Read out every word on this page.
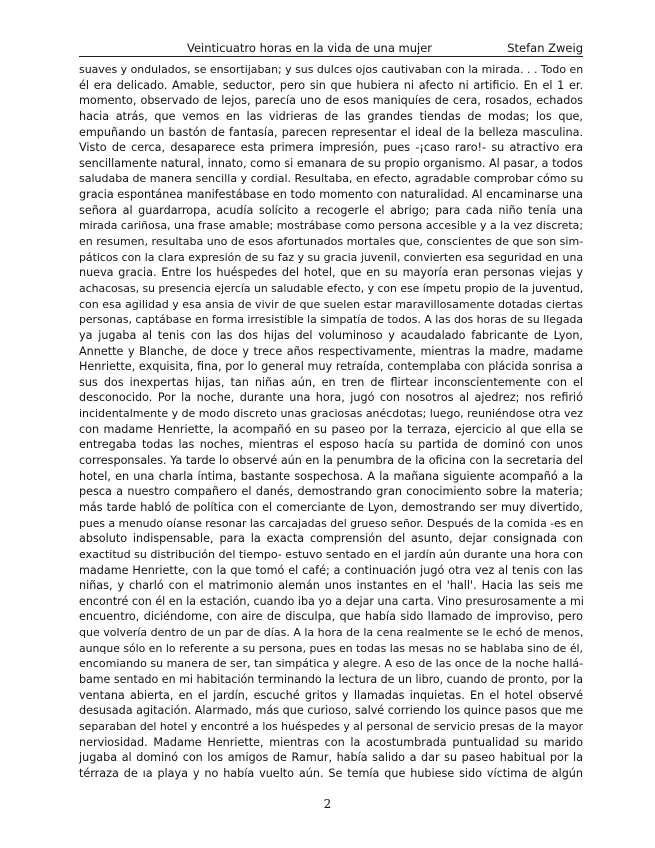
Veinticuatro horas en la vida de una mujer	Stefan Zweig
suaves y ondulados, se ensortijaban; y sus dulces ojos cautivaban con la mirada. . . Todo en
él era delicado. Amable, seductor, pero sin que hubiera ni afecto ni artificio. En el 1 er.
momento, observado de lejos, parecía uno de esos maniquíes de cera, rosados, echados
hacia atrás, que vemos en las vidrieras de las grandes tiendas de modas; los que,
empuñando un bastón de fantasía, parecen representar el ideal de la belleza masculina.
Visto de cerca, desaparece esta primera impresión, pues -¡caso raro!- su atractivo era
sencillamente natural, innato, como si emanara de su propio organismo. Al pasar, a todos
saludaba de manera sencilla y cordial. Resultaba, en efecto, agradable comprobar cómo su
gracia espontánea manifestábase en todo momento con naturalidad. Al encaminarse una
señora al guardarropa, acudía solícito a recogerle el abrigo; para cada niño tenía una
mirada cariñosa, una frase amable; mostrábase como persona accesible y a la vez discreta;
en resumen, resultaba uno de esos afortunados mortales que, conscientes de que son sim-
páticos con la clara expresión de su faz y su gracia juvenil, convierten esa seguridad en una
nueva gracia. Entre los huéspedes del hotel, que en su mayoría eran personas viejas y
achacosas, su presencia ejercía un saludable efecto, y con ese ímpetu propio de la juventud,
con esa agilidad y esa ansia de vivir de que suelen estar maravillosamente dotadas ciertas
personas, captábase en forma irresistible la simpatía de todos. A las dos horas de su llegada
ya jugaba al tenis con las dos hijas del voluminoso y acaudalado fabricante de Lyon,
Annette y Blanche, de doce y trece años respectivamente, mientras la madre, madame
Henriette, exquisita, fina, por lo general muy retraída, contemplaba con plácida sonrisa a
sus dos inexpertas hijas, tan niñas aún, en tren de flirtear inconscientemente con el
desconocido. Por la noche, durante una hora, jugó con nosotros al ajedrez; nos refirió
incidentalmente y de modo discreto unas graciosas anécdotas; luego, reuniéndose otra vez
con madame Henriette, la acompañó en su paseo por la terraza, ejercicio al que ella se
entregaba todas las noches, mientras el esposo hacía su partida de dominó con unos
corresponsales. Ya tarde lo observé aún en la penumbra de la oficina con la secretaria del
hotel, en una charla íntima, bastante sospechosa. A la mañana siguiente acompañó a la
pesca a nuestro compañero el danés, demostrando gran conocimiento sobre la materia;
más tarde habló de política con el comerciante de Lyon, demostrando ser muy divertido,
pues a menudo oíanse resonar las carcajadas del grueso señor. Después de la comida -es en
absoluto indispensable, para la exacta comprensión del asunto, dejar consignada con
exactitud su distribución del tiempo- estuvo sentado en el jardín aún durante una hora con
madame Henriette, con la que tomó el café; a continuación jugó otra vez al tenis con las
niñas, y charló con el matrimonio alemán unos instantes en el 'hall'. Hacia las seis me
encontré con él en la estación, cuando iba yo a dejar una carta. Vino presurosamente a mi
encuentro, diciéndome, con aire de disculpa, que había sido llamado de improviso, pero
que volvería dentro de un par de días. A la hora de la cena realmente se le echó de menos,
aunque sólo en lo referente a su persona, pues en todas las mesas no se hablaba sino de él,
encomiando su manera de ser, tan simpática y alegre. A eso de las once de la noche hallá-
bame sentado en mi habitación terminando la lectura de un libro, cuando de pronto, por la
ventana abierta, en el jardín, escuché gritos y llamadas inquietas. En el hotel observé
desusada agitación. Alarmado, más que curioso, salvé corriendo los quince pasos que me
separaban del hotel y encontré a los huéspedes y al personal de servicio presas de la mayor
nerviosidad. Madame Henriette, mientras con la acostumbrada puntualidad su marido
jugaba al dominó con los amigos de Ramur, había salido a dar su paseo habitual por la
térraza de ıa playa y no había vuelto aún. Se temía que hubiese sido víctima de algún
2
